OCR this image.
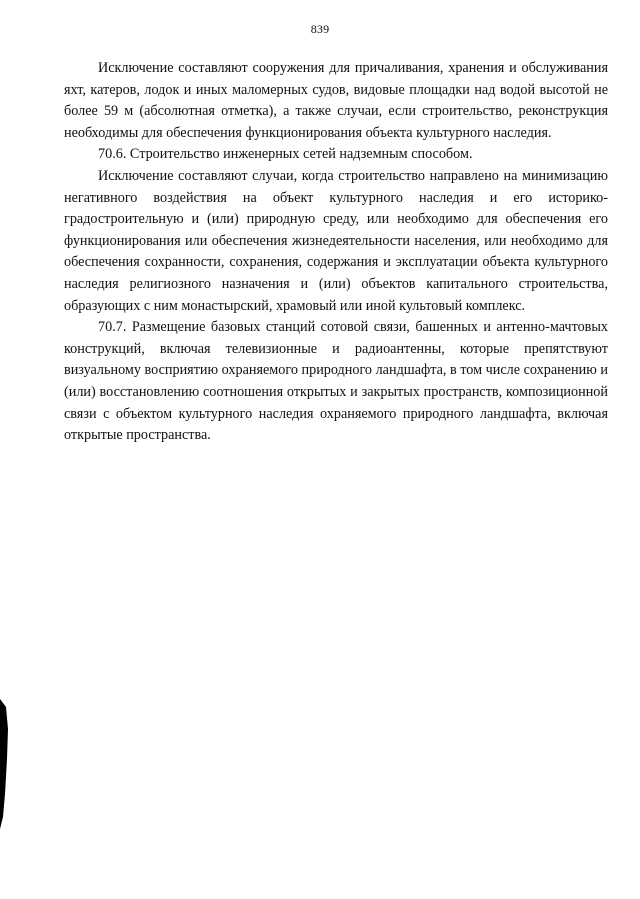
839

Исключение составляют сооружения для причаливания, хранения и обслуживания яхт, катеров, лодок и иных маломерных судов, видовые площадки над водой высотой не более 59 м (абсолютная отметка), а также случаи, если строительство, реконструкция необходимы для обеспечения функционирования объекта культурного наследия.

70.6. Строительство инженерных сетей надземным способом.

Исключение составляют случаи, когда строительство направлено на минимизацию негативного воздействия на объект культурного наследия и его историко-градостроительную и (или) природную среду, или необходимо для обеспечения его функционирования или обеспечения жизнедеятельности населения, или необходимо для обеспечения сохранности, сохранения, содержания и эксплуатации объекта культурного наследия религиозного назначения и (или) объектов капитального строительства, образующих с ним монастырский, храмовый или иной культовый комплекс.

70.7. Размещение базовых станций сотовой связи, башенных и антенно-мачтовых конструкций, включая телевизионные и радиоантенны, которые препятствуют визуальному восприятию охраняемого природного ландшафта, в том числе сохранению и (или) восстановлению соотношения открытых и закрытых пространств, композиционной связи с объектом культурного наследия охраняемого природного ландшафта, включая открытые пространства.
